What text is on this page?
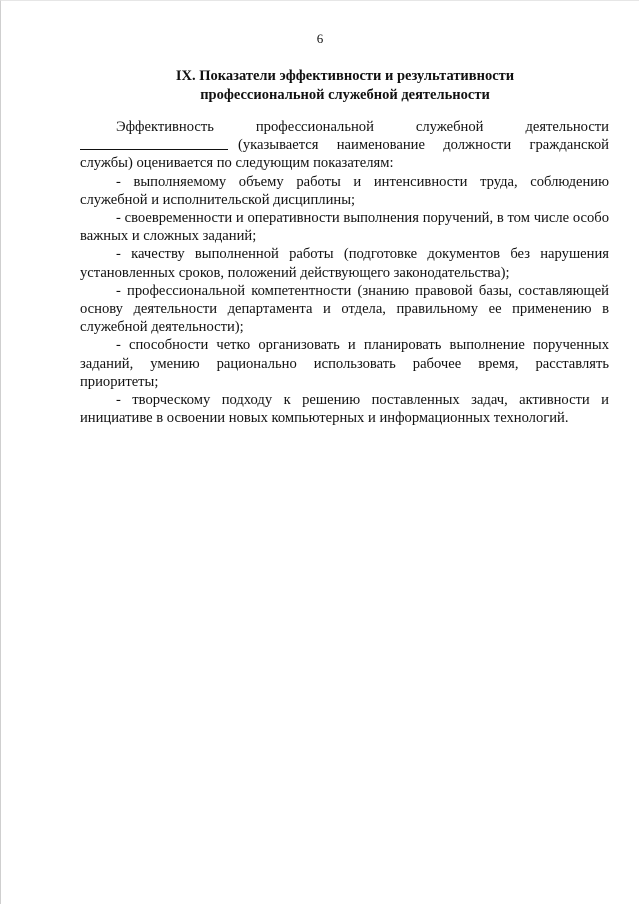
6
IX. Показатели эффективности и результативности
профессиональной служебной деятельности
Эффективность	профессиональной	служебной	деятельности
(указывается наименование должности гражданской

службы) оценивается по следующим показателям:

- выполняемому объему работы и интенсивности труда, соблюдению служебной и исполнительской дисциплины;

- своевременности и оперативности выполнения поручений, в том числе особо важных и сложных заданий;

- качеству выполненной работы (подготовке документов без нарушения установленных сроков, положений действующего законодательства);

- профессиональной компетентности (знанию правовой базы, составляющей основу деятельности департамента и отдела, правильному ее применению в служебной деятельности);

- способности четко организовать и планировать выполнение порученных заданий, умению рационально использовать рабочее время, расставлять приоритеты;

- творческому подходу к решению поставленных задач, активности и инициативе в освоении новых компьютерных и информационных технологий.
